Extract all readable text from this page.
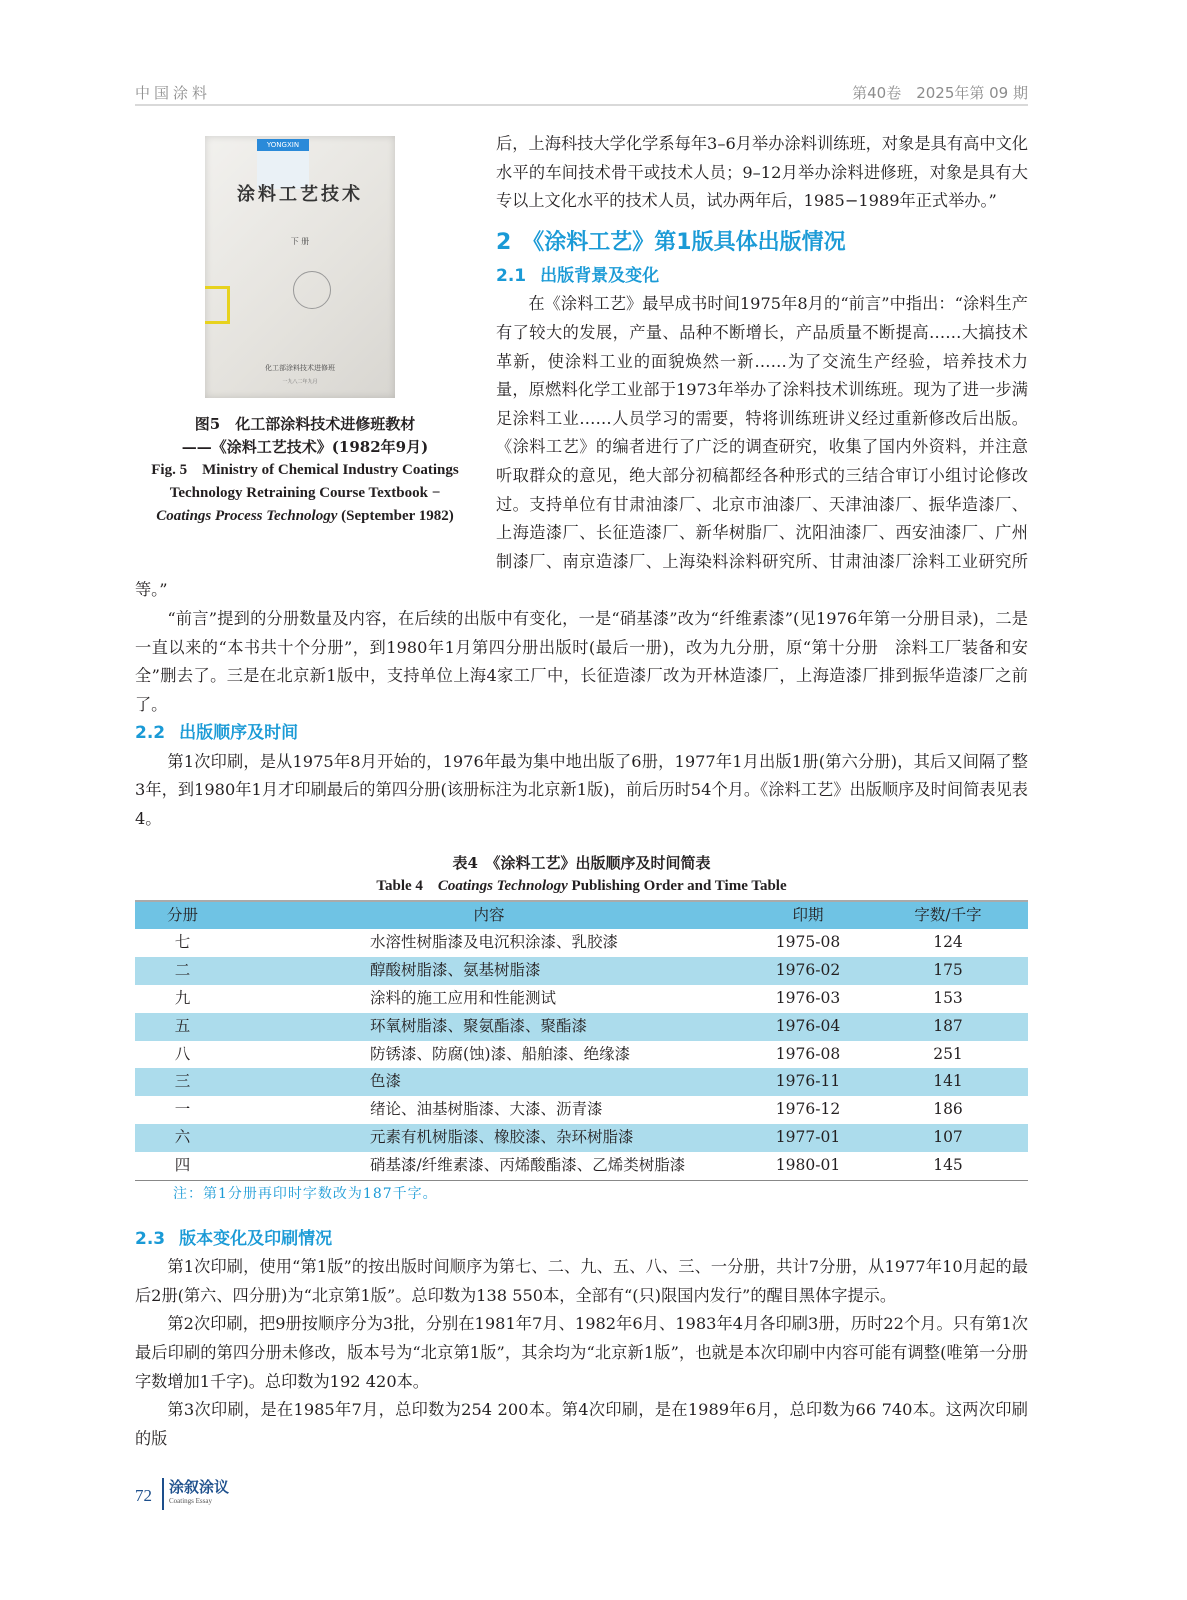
中国涂料	第40卷　2025年第 09 期
YONGXIN
涂料工艺技术
下 册
化工部涂料技术进修班
一九八二年九月
图5　化工部涂料技术进修班教材
——《涂料工艺技术》(1982年9月)
Fig. 5　Ministry of Chemical Industry Coatings
Technology Retraining Course Textbook −
Coatings Process Technology (September 1982)

后，上海科技大学化学系每年3–6月举办涂料训练班，对象是具有高中文化水平的车间技术骨干或技术人员；9–12月举办涂料进修班，对象是具有大专以上文化水平的技术人员，试办两年后，1985−1989年正式举办。”

2　《涂料工艺》第1版具体出版情况
2.1 出版背景及变化

在《涂料工艺》最早成书时间1975年8月的“前言”中指出：“涂料生产有了较大的发展，产量、品种不断增长，产品质量不断提高……大搞技术革新，使涂料工业的面貌焕然一新……为了交流生产经验，培养技术力量，原燃料化学工业部于1973年举办了涂料技术训练班。现为了进一步满足涂料工业……人员学习的需要，特将训练班讲义经过重新修改后出版。《涂料工艺》的编者进行了广泛的调查研究，收集了国内外资料，并注意听取群众的意见，绝大部分初稿都经各种形式的三结合审订小组讨论修改过。支持单位有甘肃油漆厂、北京市油漆厂、天津油漆厂、振华造漆厂、上海造漆厂、长征造漆厂、新华树脂厂、沈阳油漆厂、西安油漆厂、广州制漆厂、南京造漆厂、上海染料涂料研究所、甘肃油漆厂涂料工业研究所等。”

“前言”提到的分册数量及内容，在后续的出版中有变化，一是“硝基漆”改为“纤维素漆”(见1976年第一分册目录)，二是一直以来的“本书共十个分册”，到1980年1月第四分册出版时(最后一册)，改为九分册，原“第十分册　涂料工厂装备和安全”删去了。三是在北京新1版中，支持单位上海4家工厂中，长征造漆厂改为开林造漆厂，上海造漆厂排到振华造漆厂之前了。

2.2 出版顺序及时间

第1次印刷，是从1975年8月开始的，1976年最为集中地出版了6册，1977年1月出版1册(第六分册)，其后又间隔了整3年，到1980年1月才印刷最后的第四分册(该册标注为北京新1版)，前后历时54个月。《涂料工艺》出版顺序及时间简表见表4。

表4　《涂料工艺》出版顺序及时间简表
Table 4　Coatings Technology Publishing Order and Time Table
分册	内容	印期	字数/千字
七	水溶性树脂漆及电沉积涂漆、乳胶漆	1975-08	124
二	醇酸树脂漆、氨基树脂漆	1976-02	175
九	涂料的施工应用和性能测试	1976-03	153
五	环氧树脂漆、聚氨酯漆、聚酯漆	1976-04	187
八	防锈漆、防腐(蚀)漆、船舶漆、绝缘漆	1976-08	251
三	色漆	1976-11	141
一	绪论、油基树脂漆、大漆、沥青漆	1976-12	186
六	元素有机树脂漆、橡胶漆、杂环树脂漆	1977-01	107
四	硝基漆/纤维素漆、丙烯酸酯漆、乙烯类树脂漆	1980-01	145
注：第1分册再印时字数改为187千字。
2.3 版本变化及印刷情况

第1次印刷，使用“第1版”的按出版时间顺序为第七、二、九、五、八、三、一分册，共计7分册，从1977年10月起的最后2册(第六、四分册)为“北京第1版”。总印数为138 550本，全部有“(只)限国内发行”的醒目黑体字提示。

第2次印刷，把9册按顺序分为3批，分别在1981年7月、1982年6月、1983年4月各印刷3册，历时22个月。只有第1次最后印刷的第四分册未修改，版本号为“北京第1版”，其余均为“北京新1版”，也就是本次印刷中内容可能有调整(唯第一分册字数增加1千字)。总印数为192 420本。

第3次印刷，是在1985年7月，总印数为254 200本。第4次印刷，是在1989年6月，总印数为66 740本。这两次印刷的版

72 涂叙涂议
Coatings Essay
